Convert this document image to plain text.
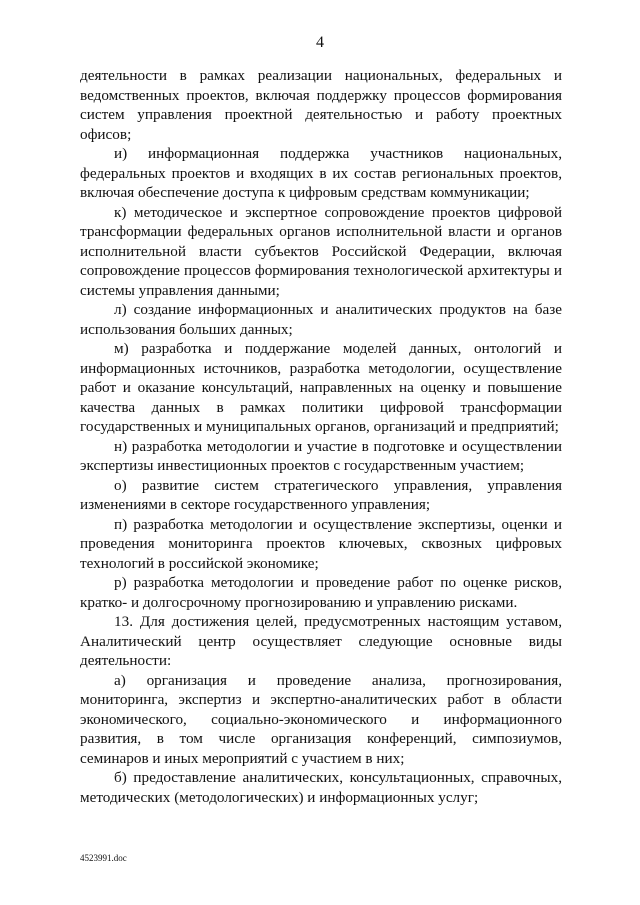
4

деятельности в рамках реализации национальных, федеральных и ведомственных проектов, включая поддержку процессов формирования систем управления проектной деятельностью и работу проектных офисов;

и) информационная поддержка участников национальных, федеральных проектов и входящих в их состав региональных проектов, включая обеспечение доступа к цифровым средствам коммуникации;

к) методическое и экспертное сопровождение проектов цифровой трансформации федеральных органов исполнительной власти и органов исполнительной власти субъектов Российской Федерации, включая сопровождение процессов формирования технологической архитектуры и системы управления данными;

л) создание информационных и аналитических продуктов на базе использования больших данных;

м) разработка и поддержание моделей данных, онтологий и информационных источников, разработка методологии, осуществление работ и оказание консультаций, направленных на оценку и повышение качества данных в рамках политики цифровой трансформации государственных и муниципальных органов, организаций и предприятий;

н) разработка методологии и участие в подготовке и осуществлении экспертизы инвестиционных проектов с государственным участием;

о) развитие систем стратегического управления, управления изменениями в секторе государственного управления;

п) разработка методологии и осуществление экспертизы, оценки и проведения мониторинга проектов ключевых, сквозных цифровых технологий в российской экономике;

р) разработка методологии и проведение работ по оценке рисков, кратко- и долгосрочному прогнозированию и управлению рисками.

13. Для достижения целей, предусмотренных настоящим уставом, Аналитический центр осуществляет следующие основные виды деятельности:

а) организация и проведение анализа, прогнозирования, мониторинга, экспертиз и экспертно-аналитических работ в области экономического, социально-экономического и информационного развития, в том числе организация конференций, симпозиумов, семинаров и иных мероприятий с участием в них;

б) предоставление аналитических, консультационных, справочных, методических (методологических) и информационных услуг;

4523991.doc
